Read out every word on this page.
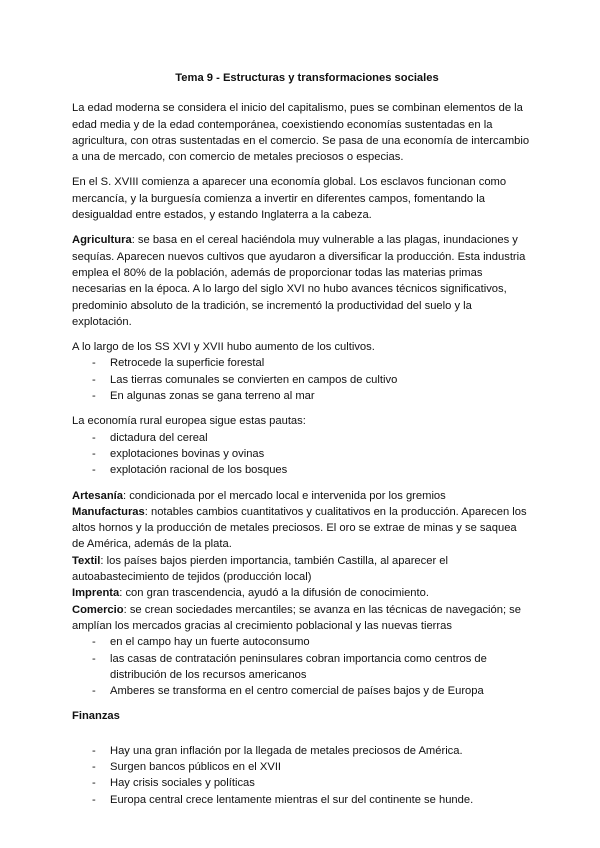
Tema 9 - Estructuras y transformaciones sociales
La edad moderna se considera el inicio del capitalismo, pues se combinan elementos de la
edad media y de la edad contemporánea, coexistiendo economías sustentadas en la
agricultura, con otras sustentadas en el comercio. Se pasa de una economía de intercambio
a una de mercado, con comercio de metales preciosos o especias.
En el S. XVIII comienza a aparecer una economía global. Los esclavos funcionan como
mercancía, y la burguesía comienza a invertir en diferentes campos, fomentando la
desigualdad entre estados, y estando Inglaterra a la cabeza.
Agricultura: se basa en el cereal haciéndola muy vulnerable a las plagas, inundaciones y
sequías. Aparecen nuevos cultivos que ayudaron a diversificar la producción. Esta industria
emplea el 80% de la población, además de proporcionar todas las materias primas
necesarias en la época. A lo largo del siglo XVI no hubo avances técnicos significativos,
predominio absoluto de la tradición, se incrementó la productividad del suelo y la
explotación.
A lo largo de los SS XVI y XVII hubo aumento de los cultivos.
- Retrocede la superficie forestal
- Las tierras comunales se convierten en campos de cultivo
- En algunas zonas se gana terreno al mar
La economía rural europea sigue estas pautas:
- dictadura del cereal
- explotaciones bovinas y ovinas
- explotación racional de los bosques
Artesanía: condicionada por el mercado local e intervenida por los gremios
Manufacturas: notables cambios cuantitativos y cualitativos en la producción. Aparecen los
altos hornos y la producción de metales preciosos. El oro se extrae de minas y se saquea
de América, además de la plata.
Textil: los países bajos pierden importancia, también Castilla, al aparecer el
autoabastecimiento de tejidos (producción local)
Imprenta: con gran trascendencia, ayudó a la difusión de conocimiento.
Comercio: se crean sociedades mercantiles; se avanza en las técnicas de navegación; se
amplían los mercados gracias al crecimiento poblacional y las nuevas tierras
- en el campo hay un fuerte autoconsumo
- las casas de contratación peninsulares cobran importancia como centros de
distribución de los recursos americanos
- Amberes se transforma en el centro comercial de países bajos y de Europa
Finanzas
- Hay una gran inflación por la llegada de metales preciosos de América.
- Surgen bancos públicos en el XVII
- Hay crisis sociales y políticas
- Europa central crece lentamente mientras el sur del continente se hunde.
